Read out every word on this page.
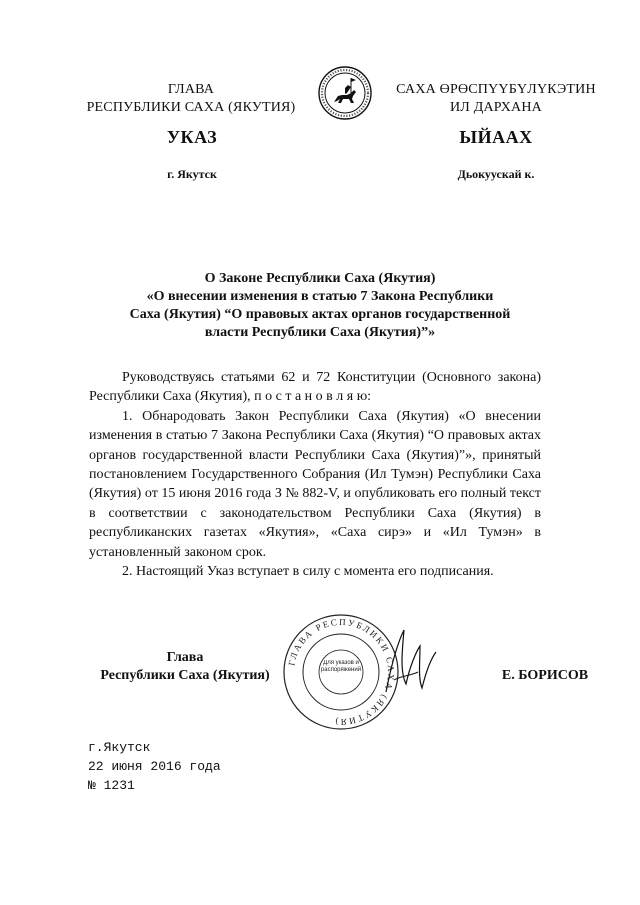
ГЛАВА
РЕСПУБЛИКИ САХА (ЯКУТИЯ)
САХА ӨРӨСПҮҮБҮЛҮКЭТИН
ИЛ ДАРХАНА
УКАЗ	ЫЙААХ
г. Якутск	Дьокуускай к.
О Законе Республики Саха (Якутия)
«О внесении изменения в статью 7 Закона Республики
Саха (Якутия) “О правовых актах органов государственной
власти Республики Саха (Якутия)”»

Руководствуясь статьями 62 и 72 Конституции (Основного закона) Республики Саха (Якутия), п о с т а н о в л я ю:

1. Обнародовать Закон Республики Саха (Якутия) «О внесении изменения в статью 7 Закона Республики Саха (Якутия) “О правовых актах органов государственной власти Республики Саха (Якутия)”», принятый постановлением Государственного Собрания (Ил Тумэн) Республики Саха (Якутия) от 15 июня 2016 года З № 882-V, и опубликовать его полный текст в соответствии с законодательством Республики Саха (Якутия) в республиканских газетах «Якутия», «Саха сирэ» и «Ил Тумэн» в установленный законом срок.

2. Настоящий Указ вступает в силу с момента его подписания.

Глава
Республики Саха (Якутия)
ГЛАВА РЕСПУБЛИКИ САХА (ЯКУТИЯ)
Для указов и распоряжений	Е. БОРИСОВ
г.Якутск
22 июня 2016 года
№ 1231
